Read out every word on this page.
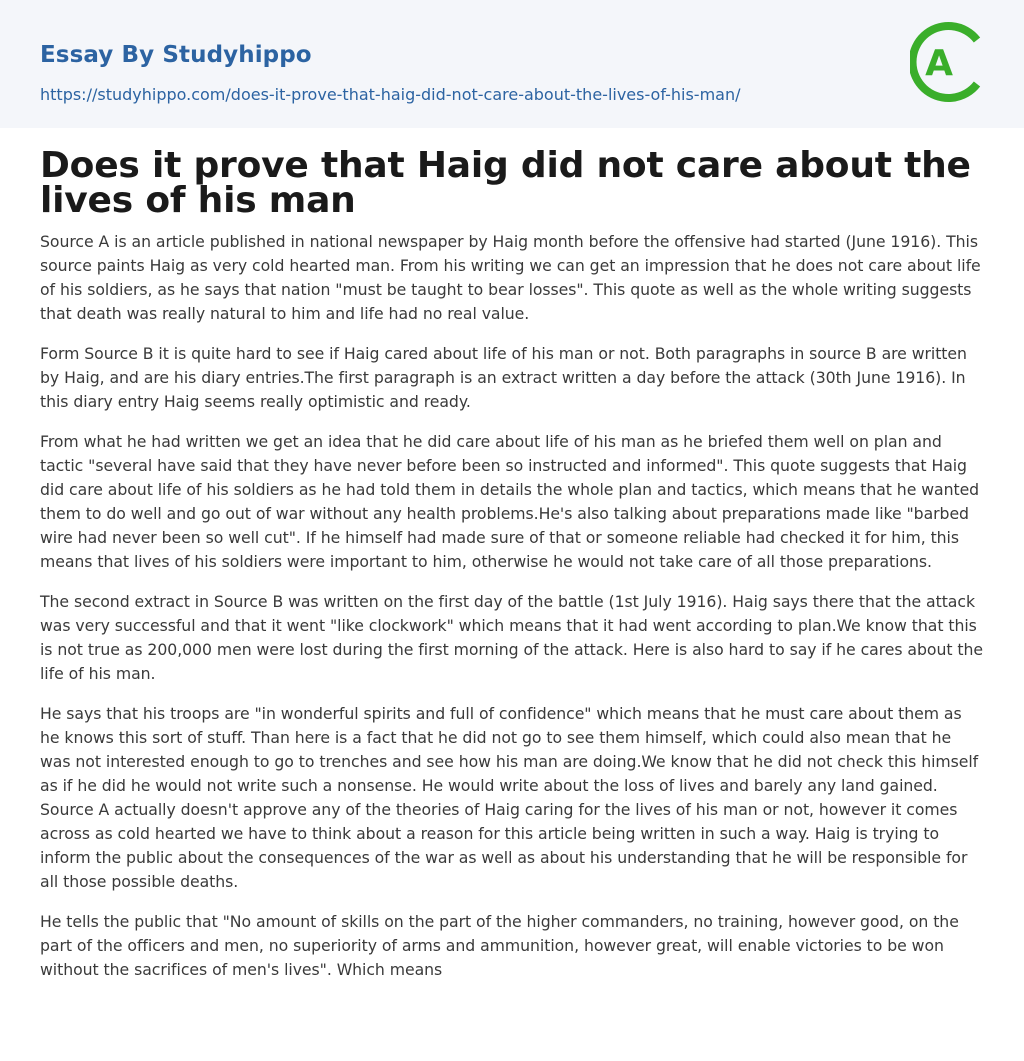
Essay By Studyhippo
https://studyhippo.com/does-it-prove-that-haig-did-not-care-about-the-lives-of-his-man/
A
Does it prove that Haig did not care about the lives of his man

Source A is an article published in national newspaper by Haig month before the offensive had started (June 1916). This source paints Haig as very cold hearted man. From his writing we can get an impression that he does not care about life of his soldiers, as he says that nation "must be taught to bear losses". This quote as well as the whole writing suggests that death was really natural to him and life had no real value.

Form Source B it is quite hard to see if Haig cared about life of his man or not. Both paragraphs in source B are written by Haig, and are his diary entries.The first paragraph is an extract written a day before the attack (30th June 1916). In this diary entry Haig seems really optimistic and ready.

From what he had written we get an idea that he did care about life of his man as he briefed them well on plan and tactic "several have said that they have never before been so instructed and informed". This quote suggests that Haig did care about life of his soldiers as he had told them in details the whole plan and tactics, which means that he wanted them to do well and go out of war without any health problems.He's also talking about preparations made like "barbed wire had never been so well cut". If he himself had made sure of that or someone reliable had checked it for him, this means that lives of his soldiers were important to him, otherwise he would not take care of all those preparations.

The second extract in Source B was written on the first day of the battle (1st July 1916). Haig says there that the attack was very successful and that it went "like clockwork" which means that it had went according to plan.We know that this is not true as 200,000 men were lost during the first morning of the attack. Here is also hard to say if he cares about the life of his man.

He says that his troops are "in wonderful spirits and full of confidence" which means that he must care about them as he knows this sort of stuff. Than here is a fact that he did not go to see them himself, which could also mean that he was not interested enough to go to trenches and see how his man are doing.We know that he did not check this himself as if he did he would not write such a nonsense. He would write about the loss of lives and barely any land gained. Source A actually doesn't approve any of the theories of Haig caring for the lives of his man or not, however it comes across as cold hearted we have to think about a reason for this article being written in such a way. Haig is trying to inform the public about the consequences of the war as well as about his understanding that he will be responsible for all those possible deaths.

He tells the public that "No amount of skills on the part of the higher commanders, no training, however good, on the part of the officers and men, no superiority of arms and ammunition, however great, will enable victories to be won without the sacrifices of men's lives". Which means
